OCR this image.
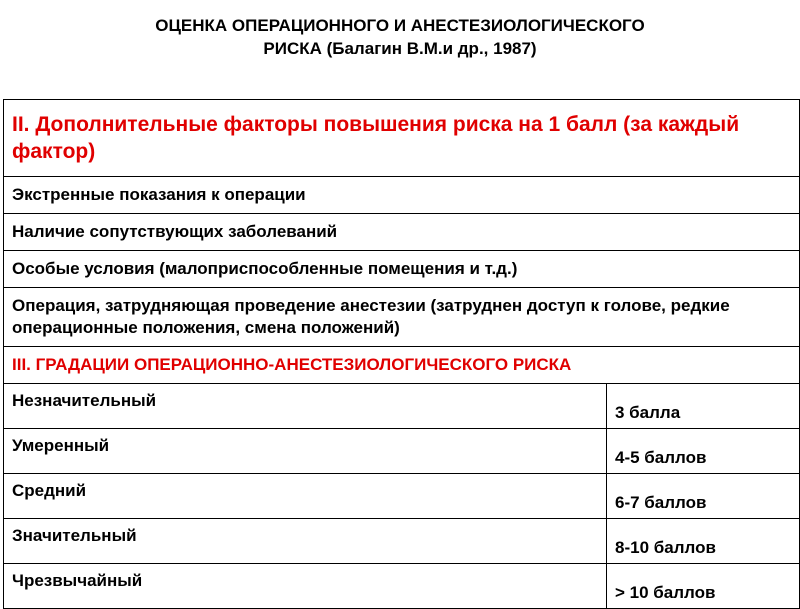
ОЦЕНКА ОПЕРАЦИОННОГО И АНЕСТЕЗИОЛОГИЧЕСКОГО
РИСКА (Балагин В.М.и др., 1987)
II. Дополнительные факторы повышения риска на 1 балл (за каждый фактор)	
Экстренные показания к операции	
Наличие сопутствующих заболеваний	
Особые условия (малоприспособленные помещения и т.д.)	
Операция, затрудняющая проведение анестезии (затруднен доступ к голове, редкие операционные положения, смена положений)	
III. ГРАДАЦИИ ОПЕРАЦИОННО-АНЕСТЕЗИОЛОГИЧЕСКОГО РИСКА	
Незначительный	3 балла
Умеренный	4-5 баллов
Средний	6-7 баллов
Значительный	8-10 баллов
Чрезвычайный	> 10 баллов
